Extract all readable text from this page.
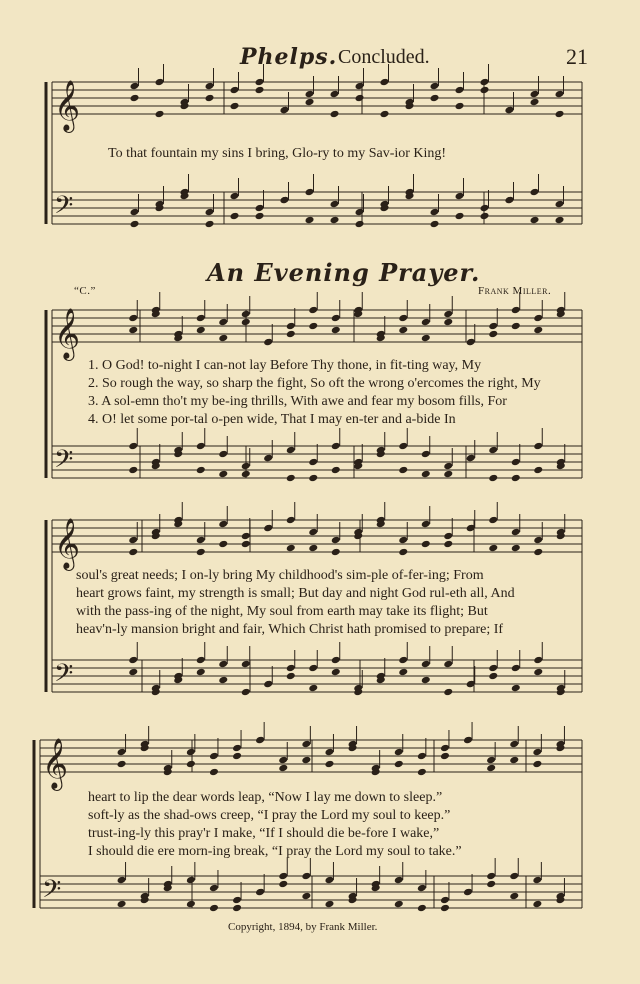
Phelps. Concluded.	21
𝄞
𝄢
𝄞
𝄢
𝄞
𝄢
𝄞
𝄢
To that fountain my sins I bring, Glo-ry to my Sav-ior King!
An Evening Prayer.
“C.”	Frank Miller.
1. O God! to-night I can-not lay Before Thy thone, in fit-ting way, My
2. So rough the way, so sharp the fight, So oft the wrong o'ercomes the right, My
3. A sol-emn tho't my be-ing thrills, With awe and fear my bosom fills, For
4. O! let some por-tal o-pen wide, That I may en-ter and a-bide In
soul's great needs; I on-ly bring My childhood's sim-ple of-fer-ing; From
heart grows faint, my strength is small; But day and night God rul-eth all, And
with the pass-ing of the night, My soul from earth may take its flight; But
heav'n-ly mansion bright and fair, Which Christ hath promised to prepare; If
heart to lip the dear words leap, “Now I lay me down to sleep.”
soft-ly as the shad-ows creep, “I pray the Lord my soul to keep.”
trust-ing-ly this pray'r I make, “If I should die be-fore I wake,”
I should die ere morn-ing break, “I pray the Lord my soul to take.”
Copyright, 1894, by Frank Miller.
